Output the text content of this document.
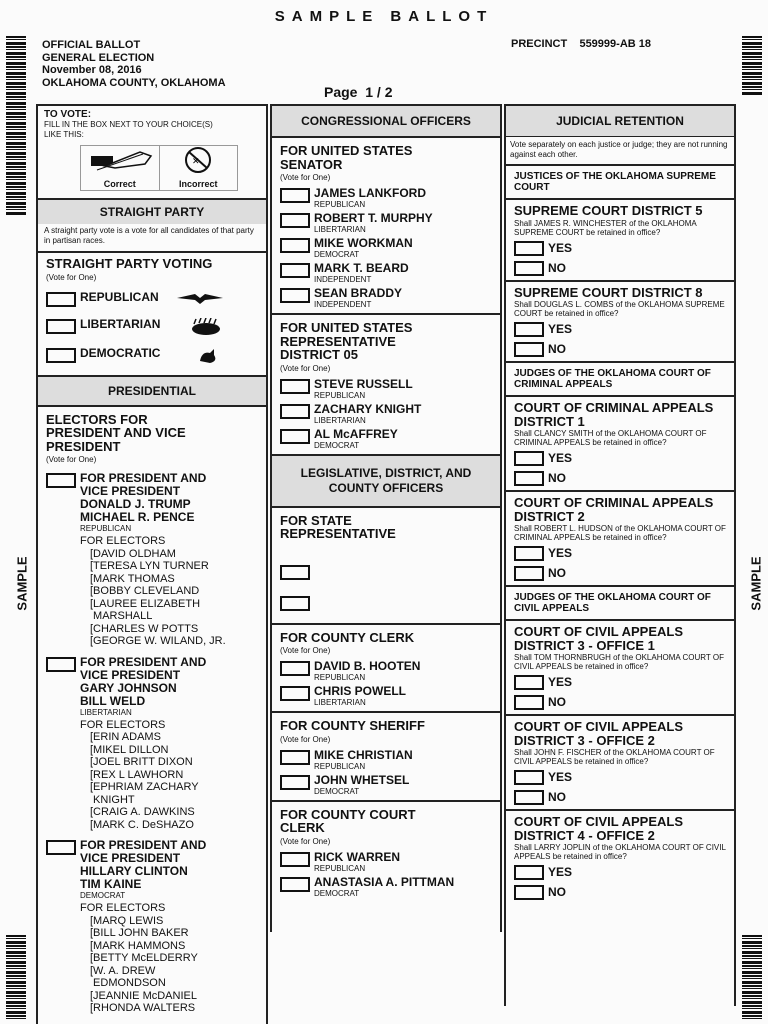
SAMPLE BALLOT
OFFICIAL BALLOT
GENERAL ELECTION
November 08, 2016
OKLAHOMA COUNTY, OKLAHOMA
PRECINCT    559999-AB 18
Page  1 / 2
SAMPLE	SAMPLE
TO VOTE:
FILL IN THE BOX NEXT TO YOUR CHOICE(S) LIKE THIS:
Correct
✕
Incorrect
STRAIGHT PARTY
A straight party vote is a vote for all candidates of that party in partisan races.
STRAIGHT PARTY VOTING
(Vote for One)
REPUBLICAN
LIBERTARIAN
DEMOCRATIC
PRESIDENTIAL
ELECTORS FOR PRESIDENT AND VICE PRESIDENT
(Vote for One)
FOR PRESIDENT AND
VICE PRESIDENT
DONALD J. TRUMP
MICHAEL R. PENCE
REPUBLICAN
FOR ELECTORS
[DAVID OLDHAM
[TERESA LYN TURNER
[MARK THOMAS
[BOBBY CLEVELAND
[LAUREE ELIZABETH
MARSHALL
[CHARLES W POTTS
[GEORGE W. WILAND, JR.
FOR PRESIDENT AND
VICE PRESIDENT
GARY JOHNSON
BILL WELD
LIBERTARIAN
FOR ELECTORS
[ERIN ADAMS
[MIKEL DILLON
[JOEL BRITT DIXON
[REX L LAWHORN
[EPHRIAM ZACHARY
KNIGHT
[CRAIG A. DAWKINS
[MARK C. DeSHAZO
FOR PRESIDENT AND
VICE PRESIDENT
HILLARY CLINTON
TIM KAINE
DEMOCRAT
FOR ELECTORS
[MARQ LEWIS
[BILL JOHN BAKER
[MARK HAMMONS
[BETTY McELDERRY
[W. A. DREW
EDMONDSON
[JEANNIE McDANIEL
[RHONDA WALTERS
CONGRESSIONAL OFFICERS
FOR UNITED STATES SENATOR
(Vote for One)
JAMES LANKFORD
REPUBLICAN
ROBERT T. MURPHY
LIBERTARIAN
MIKE WORKMAN
DEMOCRAT
MARK T. BEARD
INDEPENDENT
SEAN BRADDY
INDEPENDENT
FOR UNITED STATES REPRESENTATIVE DISTRICT 05
(Vote for One)
STEVE RUSSELL
REPUBLICAN
ZACHARY KNIGHT
LIBERTARIAN
AL McAFFREY
DEMOCRAT
LEGISLATIVE, DISTRICT, AND COUNTY OFFICERS
FOR STATE REPRESENTATIVE
FOR COUNTY CLERK
(Vote for One)
DAVID B. HOOTEN
REPUBLICAN
CHRIS POWELL
LIBERTARIAN
FOR COUNTY SHERIFF
(Vote for One)
MIKE CHRISTIAN
REPUBLICAN
JOHN WHETSEL
DEMOCRAT
FOR COUNTY COURT CLERK
(Vote for One)
RICK WARREN
REPUBLICAN
ANASTASIA A. PITTMAN
DEMOCRAT
JUDICIAL RETENTION
Vote separately on each justice or judge; they are not running against each other.
JUSTICES OF THE OKLAHOMA SUPREME COURT
SUPREME COURT DISTRICT 5
Shall JAMES R. WINCHESTER of the OKLAHOMA SUPREME COURT be retained in office?
YES
NO
SUPREME COURT DISTRICT 8
Shall DOUGLAS L. COMBS of the OKLAHOMA SUPREME COURT be retained in office?
YES
NO
JUDGES OF THE OKLAHOMA COURT OF CRIMINAL APPEALS
COURT OF CRIMINAL APPEALS DISTRICT 1
Shall CLANCY SMITH of the OKLAHOMA COURT OF CRIMINAL APPEALS be retained in office?
YES
NO
COURT OF CRIMINAL APPEALS DISTRICT 2
Shall ROBERT L. HUDSON of the OKLAHOMA COURT OF CRIMINAL APPEALS be retained in office?
YES
NO
JUDGES OF THE OKLAHOMA COURT OF CIVIL APPEALS
COURT OF CIVIL APPEALS DISTRICT 3 - OFFICE 1
Shall TOM THORNBRUGH of the OKLAHOMA COURT OF CIVIL APPEALS be retained in office?
YES
NO
COURT OF CIVIL APPEALS DISTRICT 3 - OFFICE 2
Shall JOHN F. FISCHER of the OKLAHOMA COURT OF CIVIL APPEALS be retained in office?
YES
NO
COURT OF CIVIL APPEALS DISTRICT 4 - OFFICE 2
Shall LARRY JOPLIN of the OKLAHOMA COURT OF CIVIL APPEALS be retained in office?
YES
NO
